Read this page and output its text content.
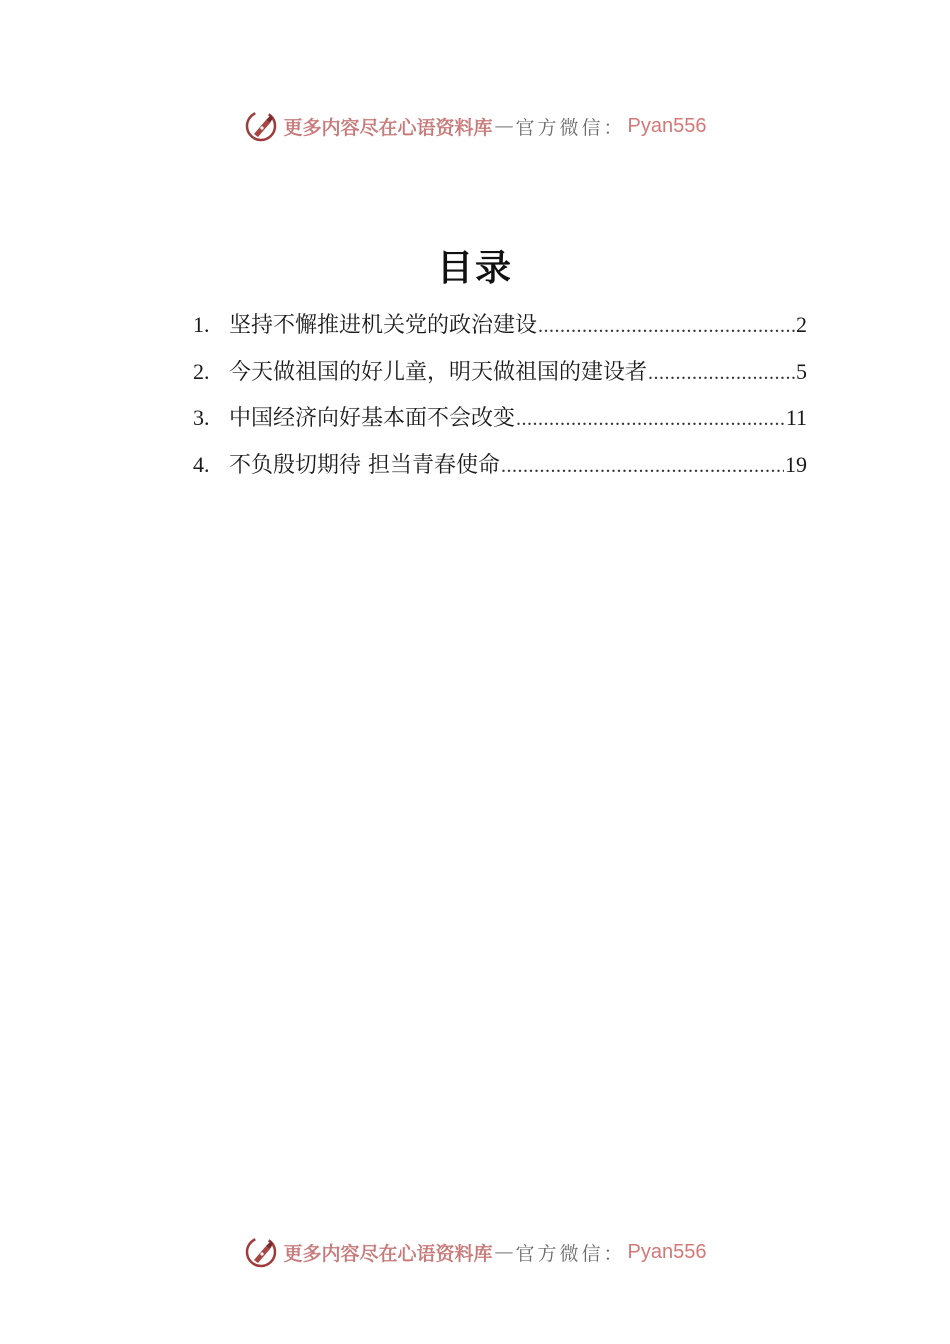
更多内容尽在心语资料库 — 官方微信： Pyan556
目录
1. 坚持不懈推进机关党的政治建设 .....	2
2. 今天做祖国的好儿童，明天做祖国的建设者 .....	5
3. 中国经济向好基本面不会改变 .....	11
4. 不负殷切期待 担当青春使命 .....	19
更多内容尽在心语资料库 — 官方微信： Pyan556
